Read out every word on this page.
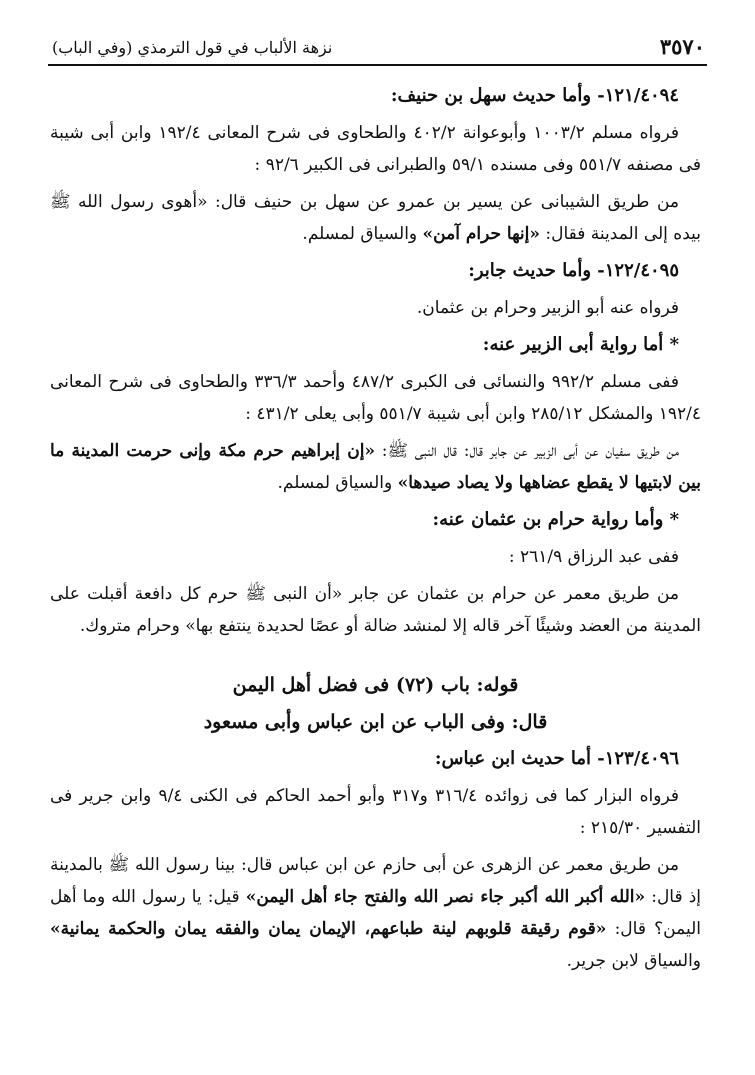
٣٥٧٠
نزهة الألباب في قول الترمذي (وفي الباب)

١٢١/٤٠٩٤- وأما حديث سهل بن حنيف:

فرواه مسلم ١٠٠٣/٢ وأبوعوانة ٤٠٢/٢ والطحاوى فى شرح المعانى ١٩٢/٤ وابن أبى شيبة فى مصنفه ٥٥١/٧ وفى مسنده ٥٩/١ والطبرانى فى الكبير ٩٢/٦ :

من طريق الشيبانى عن يسير بن عمرو عن سهل بن حنيف قال: «أهوى رسول الله ﷺ بيده إلى المدينة فقال: «إنها حرام آمن» والسياق لمسلم.

١٢٢/٤٠٩٥- وأما حديث جابر:

فرواه عنه أبو الزبير وحرام بن عثمان.

* أما رواية أبى الزبير عنه:

ففى مسلم ٩٩٢/٢ والنسائى فى الكبرى ٤٨٧/٢ وأحمد ٣٣٦/٣ والطحاوى فى شرح المعانى ١٩٢/٤ والمشكل ٢٨٥/١٢ وابن أبى شيبة ٥٥١/٧ وأبى يعلى ٤٣١/٢ :

من طريق سفيان عن أبى الزبير عن جابر قال: قال النبى ﷺ: «إن إبراهيم حرم مكة وإنى حرمت المدينة ما بين لابتيها لا يقطع عضاهها ولا يصاد صيدها» والسياق لمسلم.

* وأما رواية حرام بن عثمان عنه:

ففى عبد الرزاق ٢٦١/٩ :

من طريق معمر عن حرام بن عثمان عن جابر «أن النبى ﷺ حرم كل دافعة أقبلت على المدينة من العضد وشيئًا آخر قاله إلا لمنشد ضالة أو عصًا لحديدة ينتفع بها» وحرام متروك.

قوله: باب (٧٢) فى فضل أهل اليمن

قال: وفى الباب عن ابن عباس وأبى مسعود

١٢٣/٤٠٩٦- أما حديث ابن عباس:

فرواه البزار كما فى زوائده ٣١٦/٤ و٣١٧ وأبو أحمد الحاكم فى الكنى ٩/٤ وابن جرير فى التفسير ٢١٥/٣٠ :

من طريق معمر عن الزهرى عن أبى حازم عن ابن عباس قال: بينا رسول الله ﷺ بالمدينة إذ قال: «الله أكبر الله أكبر جاء نصر الله والفتح جاء أهل اليمن» قيل: يا رسول الله وما أهل اليمن؟ قال: «قوم رقيقة قلوبهم لينة طباعهم، الإيمان يمان والفقه يمان والحكمة يمانية» والسياق لابن جرير.
